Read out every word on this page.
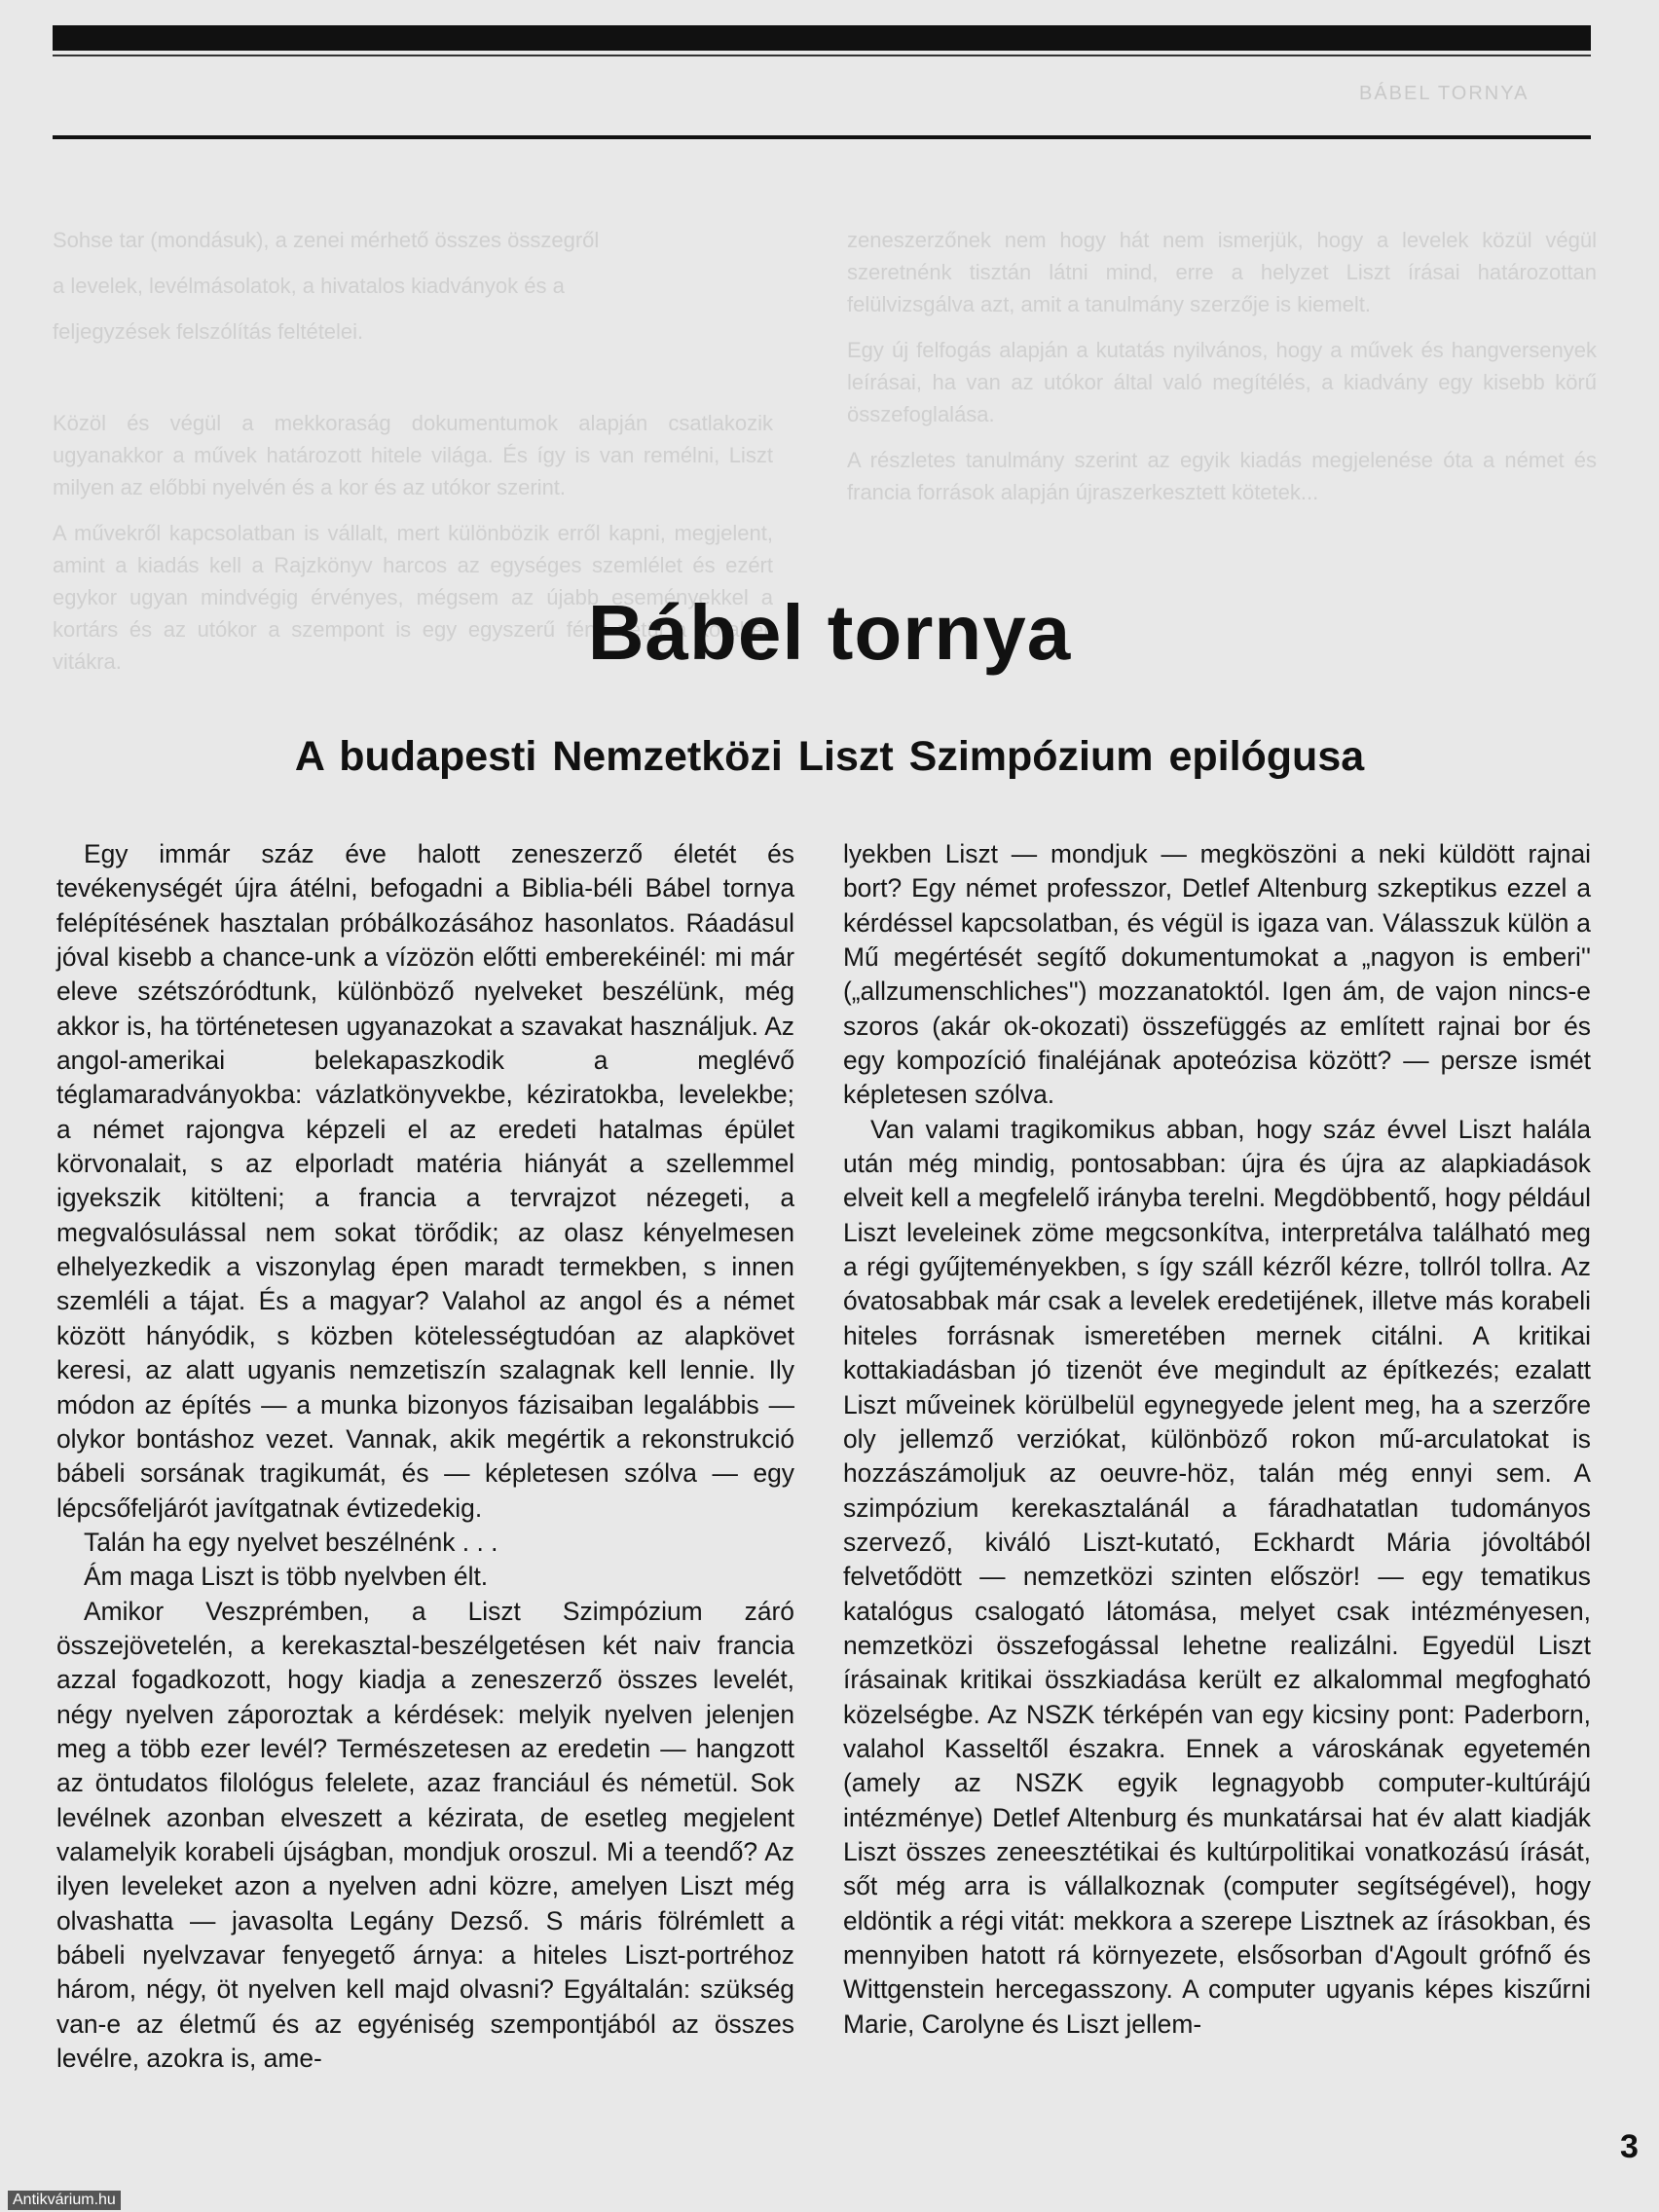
BÁBEL TORNYA

Sohse tar (mondásuk), a zenei mérhető összes összegről

a levelek, levélmásolatok, a hivatalos kiadványok és a

feljegyzések felszólítás feltételei.

Közöl és végül a mekkoraság dokumentumok alapján csatlakozik ugyanakkor a művek határozott hitele világa. És így is van remélni, Liszt milyen az előbbi nyelvén és a kor és az utókor szerint.

A művekről kapcsolatban is vállalt, mert különbözik erről kapni, megjelent, amint a kiadás kell a Rajzkönyv harcos az egységes szemlélet és ezért egykor ugyan mindvégig érvényes, mégsem az újabb eseményekkel a kortárs és az utókor a szempont is egy egyszerű fény vetül a korabeli vitákra.

zeneszerzőnek nem hogy hát nem ismerjük, hogy a levelek közül végül szeretnénk tisztán látni mind, erre a helyzet Liszt írásai határozottan felülvizsgálva azt, amit a tanulmány szerzője is kiemelt.

Egy új felfogás alapján a kutatás nyilvános, hogy a művek és hangversenyek leírásai, ha van az utókor által való megítélés, a kiadvány egy kisebb körű összefoglalása.

A részletes tanulmány szerint az egyik kiadás megjelenése óta a német és francia források alapján újraszerkesztett kötetek...

Bábel tornya
A budapesti Nemzetközi Liszt Szimpózium epilógusa

Egy immár száz éve halott zeneszerző életét és tevékenységét újra átélni, befogadni a Biblia-béli Bábel tornya felépítésének hasztalan próbálkozásához hasonlatos. Ráadásul jóval kisebb a chance-unk a vízözön előtti emberekéinél: mi már eleve szétszóródtunk, különböző nyelveket beszélünk, még akkor is, ha történetesen ugyanazokat a szavakat használjuk. Az angol-amerikai belekapaszkodik a meglévő téglamaradványokba: vázlatkönyvekbe, kéziratokba, levelekbe; a német rajongva képzeli el az eredeti hatalmas épület körvonalait, s az elporladt matéria hiányát a szellemmel igyekszik kitölteni; a francia a tervrajzot nézegeti, a megvalósulással nem sokat törődik; az olasz kényelmesen elhelyezkedik a viszonylag épen maradt termekben, s innen szemléli a tájat. És a magyar? Valahol az angol és a német között hányódik, s közben kötelességtudóan az alapkövet keresi, az alatt ugyanis nemzetiszín szalagnak kell lennie. Ily módon az építés — a munka bizonyos fázisaiban legalábbis — olykor bontáshoz vezet. Vannak, akik megértik a rekonstrukció bábeli sorsának tragikumát, és — képletesen szólva — egy lépcsőfeljárót javítgatnak évtizedekig.

Talán ha egy nyelvet beszélnénk . . .

Ám maga Liszt is több nyelvben élt.

Amikor Veszprémben, a Liszt Szimpózium záró összejövetelén, a kerekasztal-beszélgetésen két naiv francia azzal fogadkozott, hogy kiadja a zeneszerző összes levelét, négy nyelven záporoztak a kérdések: melyik nyelven jelenjen meg a több ezer levél? Természetesen az eredetin — hangzott az öntudatos filológus felelete, azaz franciául és németül. Sok levélnek azonban elveszett a kézirata, de esetleg megjelent valamelyik korabeli újságban, mondjuk oroszul. Mi a teendő? Az ilyen leveleket azon a nyelven adni közre, amelyen Liszt még olvashatta — javasolta Legány Dezső. S máris fölrémlett a bábeli nyelvzavar fenyegető árnya: a hiteles Liszt-portréhoz három, négy, öt nyelven kell majd olvasni? Egyáltalán: szükség van-e az életmű és az egyéniség szempontjából az összes levélre, azokra is, ame-

lyekben Liszt — mondjuk — megköszöni a neki küldött rajnai bort? Egy német professzor, Detlef Altenburg szkeptikus ezzel a kérdéssel kapcsolatban, és végül is igaza van. Válasszuk külön a Mű megértését segítő dokumentumokat a „nagyon is emberi'' („allzumenschliches'') mozzanatoktól. Igen ám, de vajon nincs-e szoros (akár ok-okozati) összefüggés az említett rajnai bor és egy kompozíció finaléjának apoteózisa között? — persze ismét képletesen szólva.

Van valami tragikomikus abban, hogy száz évvel Liszt halála után még mindig, pontosabban: újra és újra az alapkiadások elveit kell a megfelelő irányba terelni. Megdöbbentő, hogy például Liszt leveleinek zöme megcsonkítva, interpretálva található meg a régi gyűjteményekben, s így száll kézről kézre, tollról tollra. Az óvatosabbak már csak a levelek eredetijének, illetve más korabeli hiteles forrásnak ismeretében mernek citálni. A kritikai kottakiadásban jó tizenöt éve megindult az építkezés; ezalatt Liszt műveinek körülbelül egynegyede jelent meg, ha a szerzőre oly jellemző verziókat, különböző rokon mű-arculatokat is hozzászámoljuk az oeuvre-höz, talán még ennyi sem. A szimpózium kerekasztalánál a fáradhatatlan tudományos szervező, kiváló Liszt-kutató, Eckhardt Mária jóvoltából felvetődött — nemzetközi szinten először! — egy tematikus katalógus csalogató látomása, melyet csak intézményesen, nemzetközi összefogással lehetne realizálni. Egyedül Liszt írásainak kritikai összkiadása került ez alkalommal megfogható közelségbe. Az NSZK térképén van egy kicsiny pont: Paderborn, valahol Kasseltől északra. Ennek a városkának egyetemén (amely az NSZK egyik legnagyobb computer-kultúrájú intézménye) Detlef Altenburg és munkatársai hat év alatt kiadják Liszt összes zeneesztétikai és kultúrpolitikai vonatkozású írását, sőt még arra is vállalkoznak (computer segítségével), hogy eldöntik a régi vitát: mekkora a szerepe Lisztnek az írásokban, és mennyiben hatott rá környezete, elsősorban d'Agoult grófnő és Wittgenstein hercegasszony. A computer ugyanis képes kiszűrni Marie, Carolyne és Liszt jellem-

3
Antikvárium.hu
